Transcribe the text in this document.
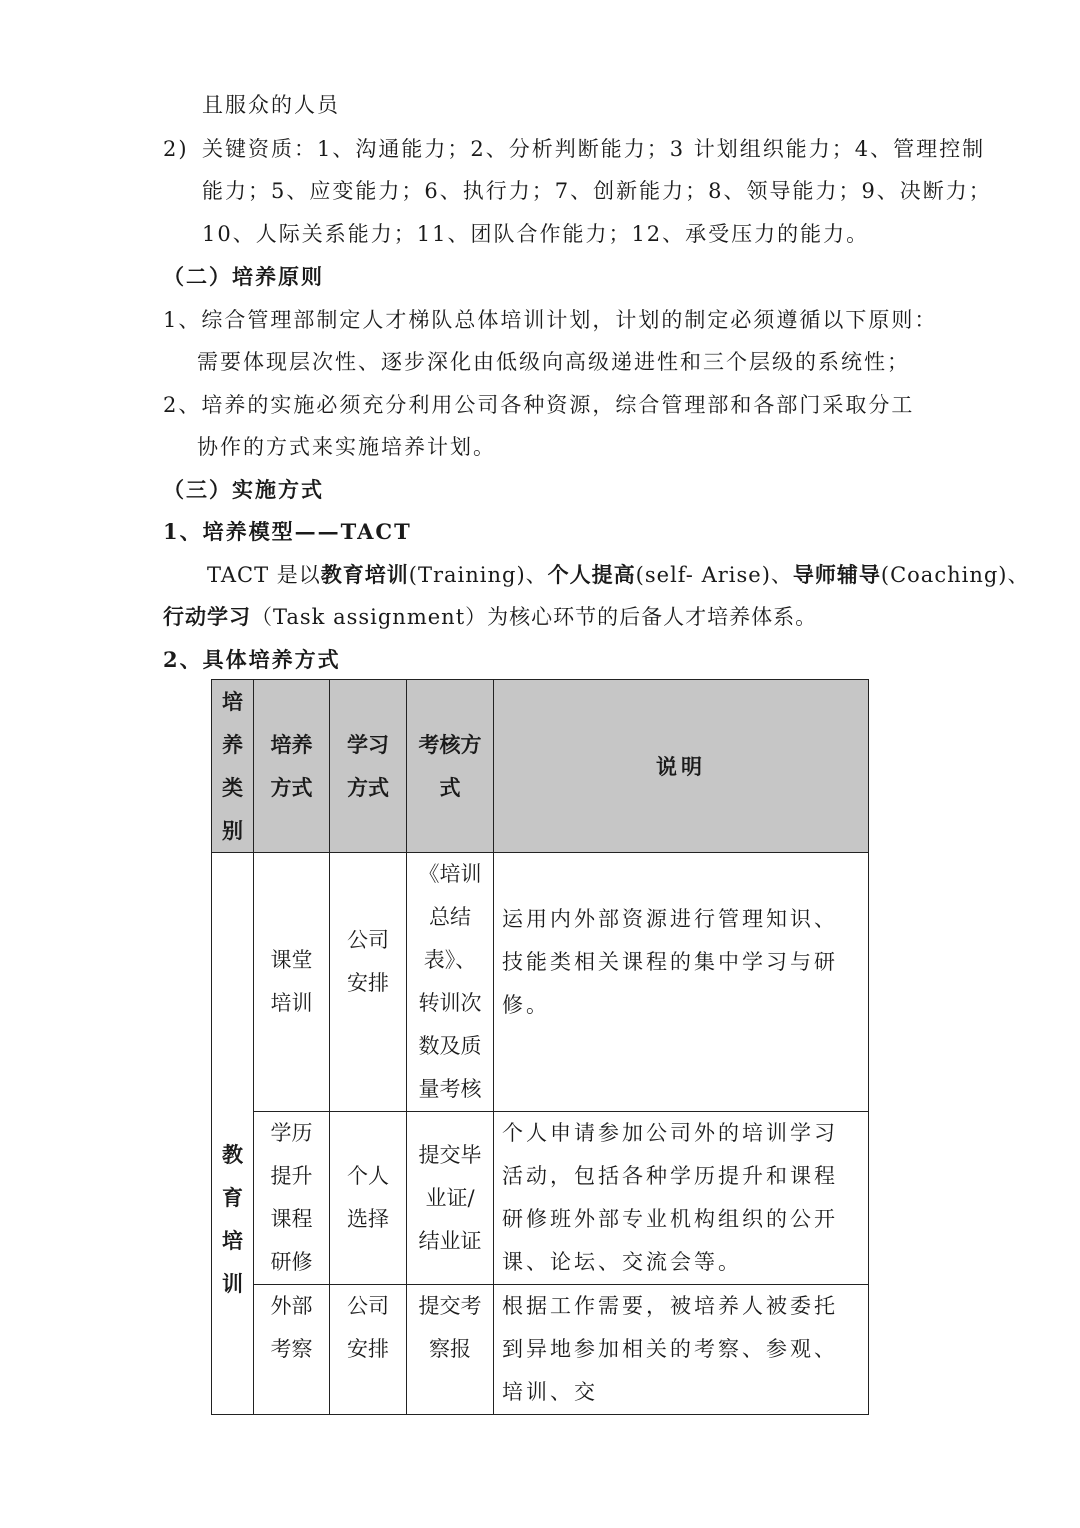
且服众的人员
2) 关键资质：1、沟通能力；2、分析判断能力；3 计划组织能力；4、管理控制
能力；5、应变能力；6、执行力；7、创新能力；8、领导能力；9、决断力；
10、人际关系能力；11、团队合作能力；12、承受压力的能力。
（二）培养原则
1、综合管理部制定人才梯队总体培训计划，计划的制定必须遵循以下原则：
需要体现层次性、逐步深化由低级向高级递进性和三个层级的系统性；
2、培养的实施必须充分利用公司各种资源，综合管理部和各部门采取分工
协作的方式来实施培养计划。
（三）实施方式
1、培养模型——TACT
TACT 是以教育培训(Training)、个人提高(self- Arise)、导师辅导(Coaching)、
行动学习（Task assignment）为核心环节的后备人才培养体系。
2、具体培养方式
培养类别	培养方式	学习方式	考核方式	说明

教育培训	课堂培训	公司安排	《培训总结表》、转训次数及质量考核	运用内外部资源进行管理知识、技能类相关课程的集中学习与研修。

	学历提升课程研修	个人选择	提交毕业证/结业证	个人申请参加公司外的培训学习活动，包括各种学历提升和课程研修班外部专业机构组织的公开课、论坛、交流会等。

	外部考察	公司安排	提交考察报	根据工作需要，被培养人被委托到异地参加相关的考察、参观、培训、交
